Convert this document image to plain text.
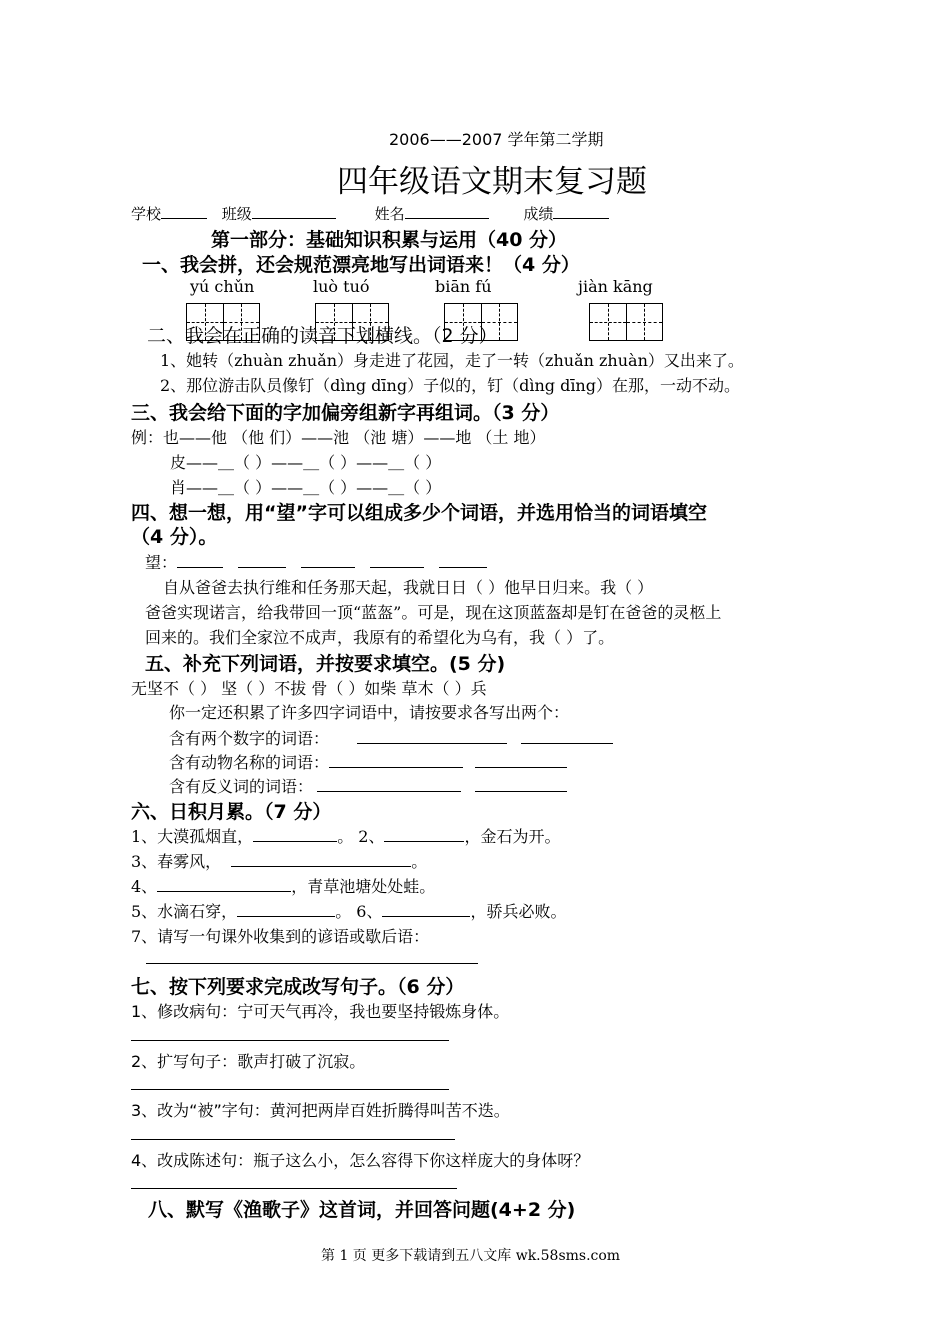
2006——2007 学年第二学期
四年级语文期末复习题
学校	班级	姓名	成绩
第一部分：基础知识积累与运用（40 分）
一、我会拼，还会规范漂亮地写出词语来！（4 分）
yú chǔn	luò tuó	biān fú	jiàn kāng
二、我会在正确的读音下划横线。（2 分）
1、她转（zhuàn zhuǎn）身走进了花园，走了一转（zhuǎn zhuàn）又出来了。
2、那位游击队员像钉（dìng dīng）子似的，钉（dìng dīng）在那，一动不动。
三、我会给下面的字加偏旁组新字再组词。（3 分）
例：也——他 （他 们）——池 （池 塘）——地 （土 地）
皮——＿（ ）——＿（ ）——＿（ ）
肖——＿（ ）——＿（ ）——＿（ ）
四、想一想，用“望”字可以组成多少个词语，并选用恰当的词语填空
（4 分）。
望：
自从爸爸去执行维和任务那天起，我就日日（ ）他早日归来。我（ ）
爸爸实现诺言，给我带回一顶“蓝盔”。可是，现在这顶蓝盔却是钉在爸爸的灵柩上
回来的。我们全家泣不成声，我原有的希望化为乌有，我（ ）了。
五、补充下列词语，并按要求填空。(5 分)
无坚不（ ） 坚（ ）不拔 骨（ ）如柴 草木（ ）兵
你一定还积累了许多四字词语中，请按要求各写出两个：
含有两个数字的词语：
含有动物名称的词语：
含有反义词的词语：
六、日积月累。（7 分）
1、大漠孤烟直，	。 2、	，金石为开。
3、春雾风，	。
4、	，青草池塘处处蛙。
5、水滴石穿，	。 6、	，骄兵必败。
7、请写一句课外收集到的谚语或歇后语：
七、按下列要求完成改写句子。（6 分）
1、修改病句：宁可天气再冷，我也要坚持锻炼身体。
2、扩写句子：歌声打破了沉寂。
3、改为“被”字句：黄河把两岸百姓折腾得叫苦不迭。
4、改成陈述句：瓶子这么小，怎么容得下你这样庞大的身体呀？
八、默写《渔歌子》这首词，并回答问题(4+2 分)
第 1 页 更多下载请到五八文库 wk.58sms.com
